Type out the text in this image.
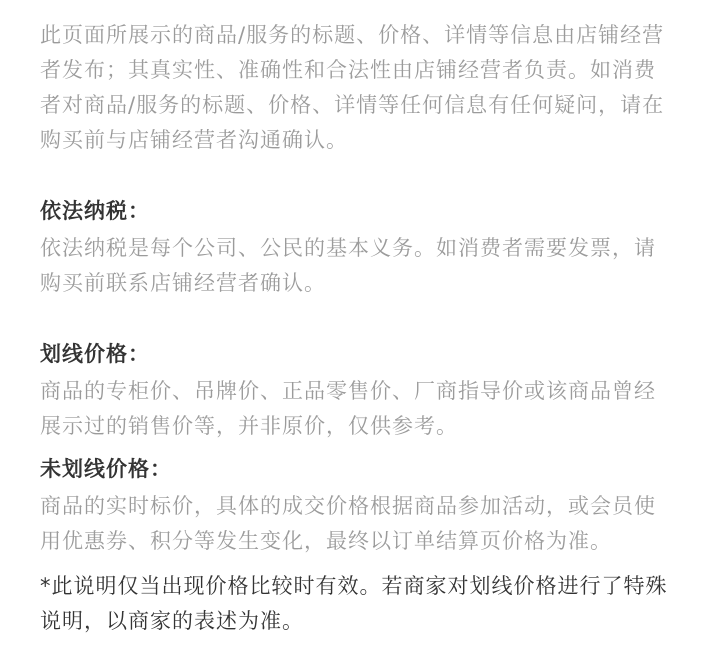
此页面所展示的商品/服务的标题、价格、详情等信息由店铺经营者发布；其真实性、准确性和合法性由店铺经营者负责。如消费者对商品/服务的标题、价格、详情等任何信息有任何疑问，请在购买前与店铺经营者沟通确认。

依法纳税：

依法纳税是每个公司、公民的基本义务。如消费者需要发票，请购买前联系店铺经营者确认。

划线价格：

商品的专柜价、吊牌价、正品零售价、厂商指导价或该商品曾经展示过的销售价等，并非原价，仅供参考。

未划线价格：

商品的实时标价，具体的成交价格根据商品参加活动，或会员使用优惠券、积分等发生变化，最终以订单结算页价格为准。

*此说明仅当出现价格比较时有效。若商家对划线价格进行了特殊说明，以商家的表述为准。
